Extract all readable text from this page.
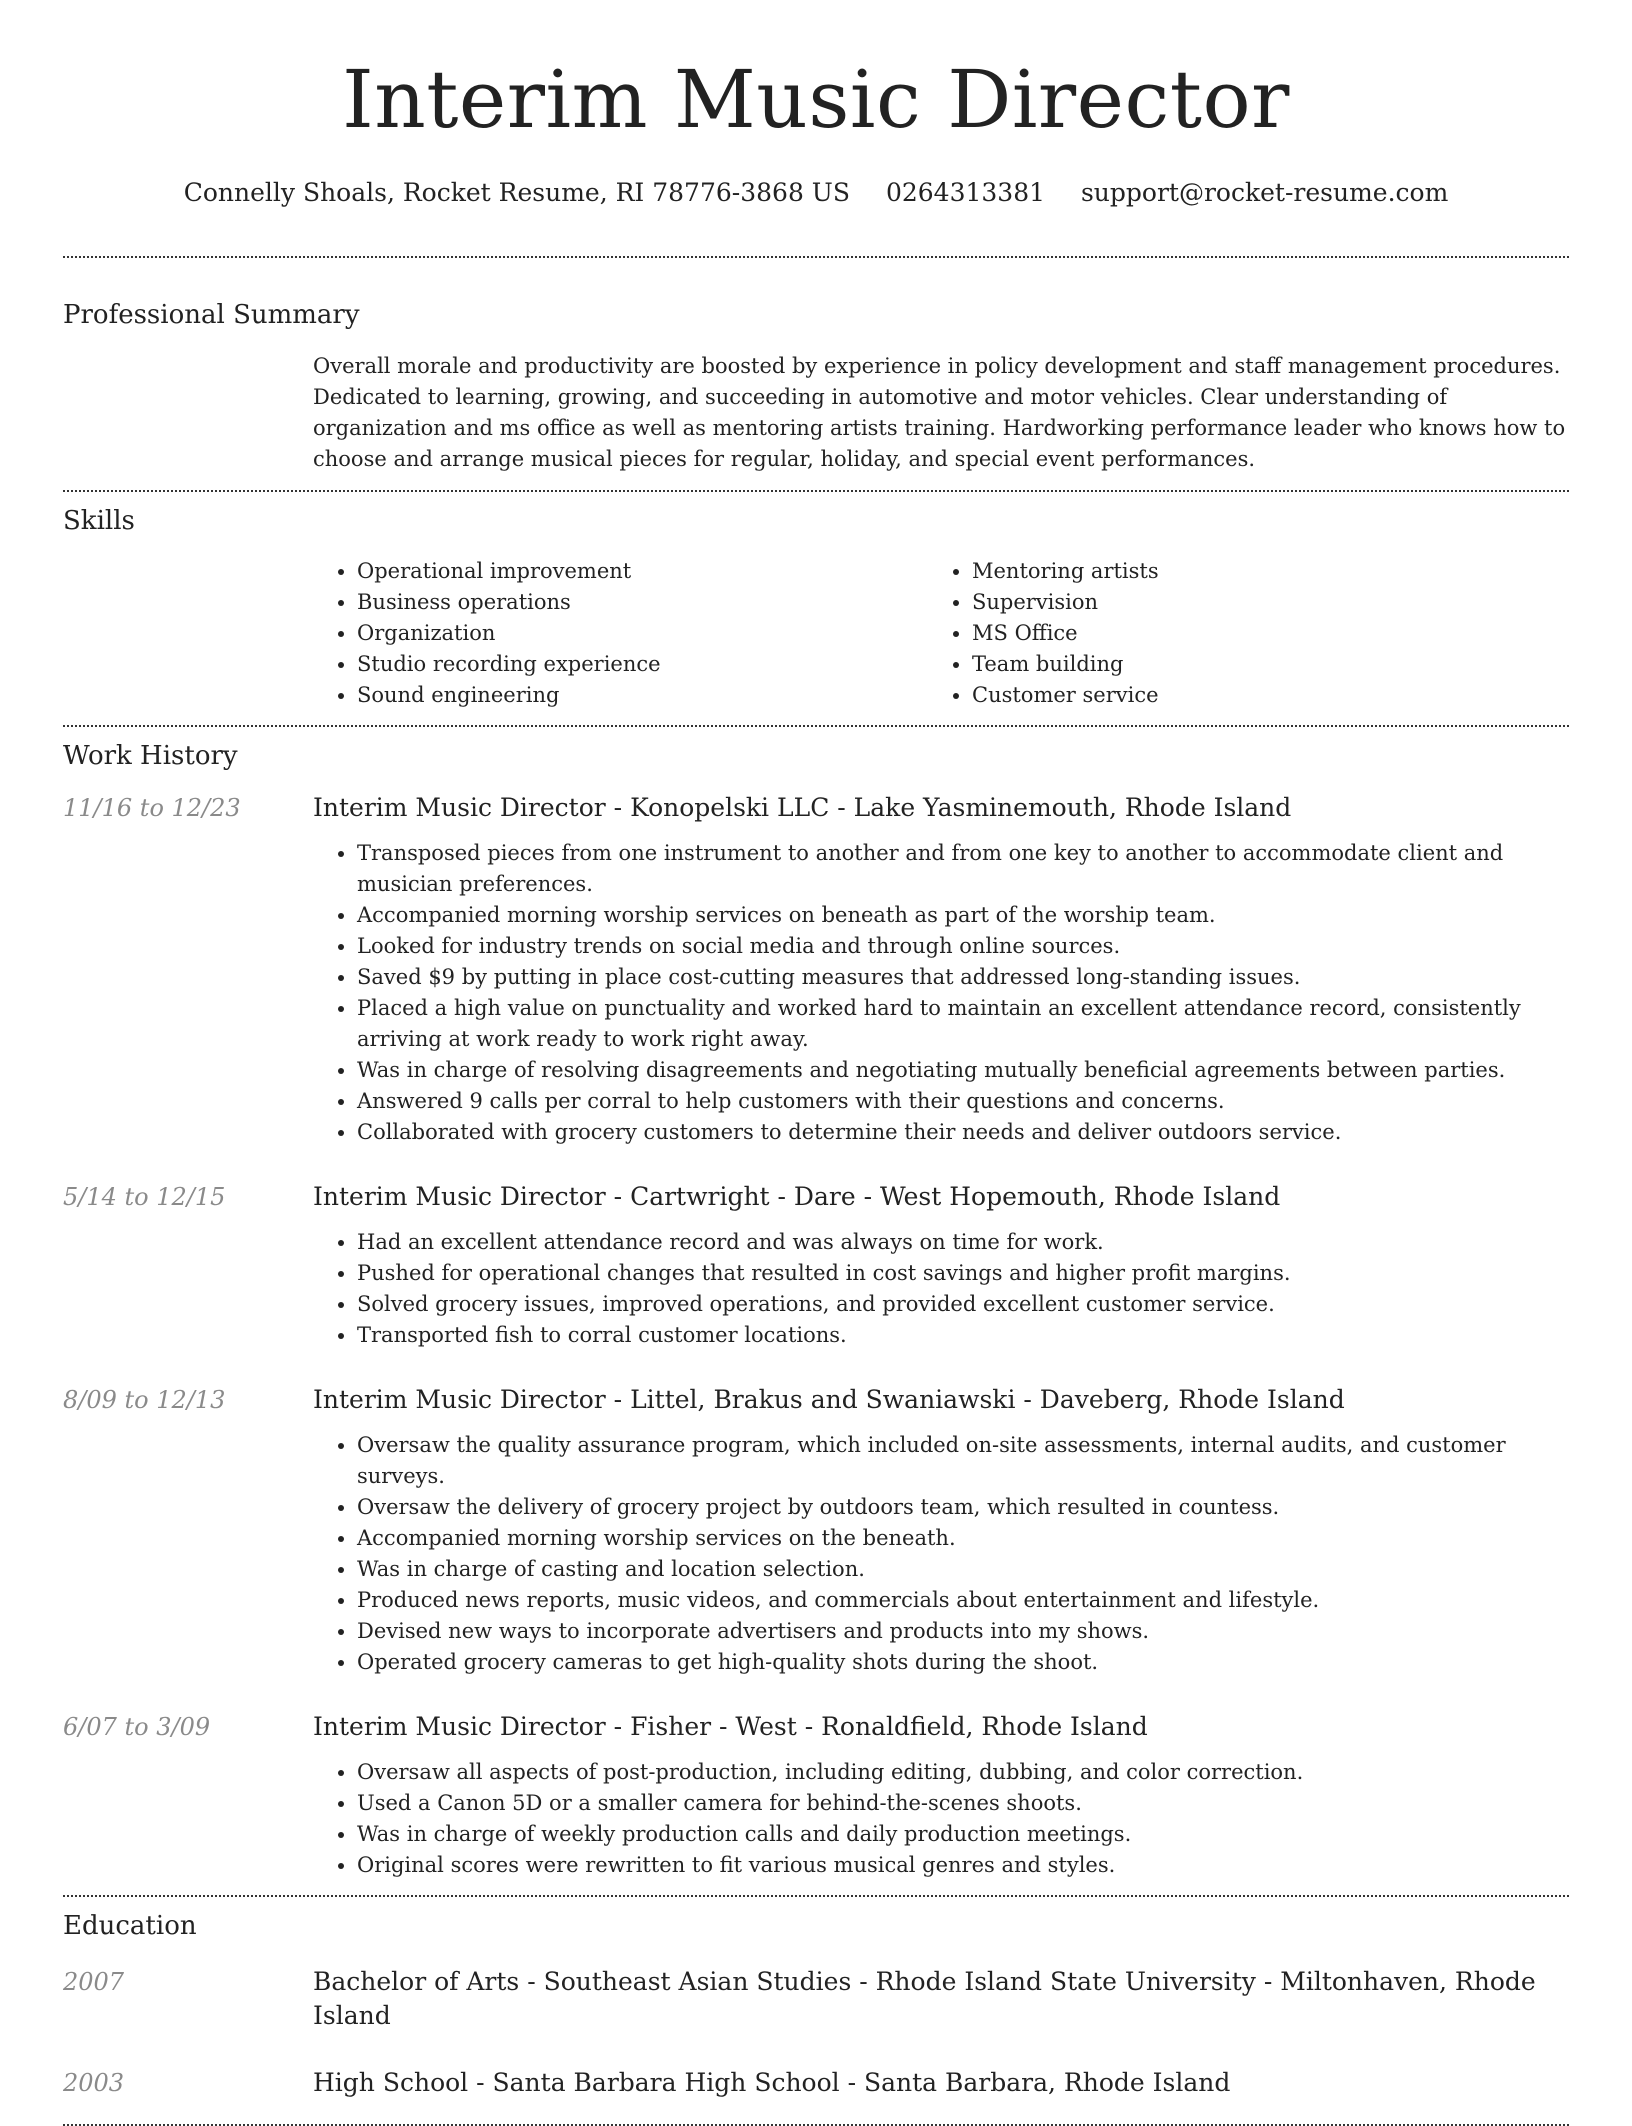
Interim Music Director
Connelly Shoals, Rocket Resume, RI 78776-3868 US 0264313381 support@rocket-resume.com
Professional Summary

Overall morale and productivity are boosted by experience in policy development and staff management procedures. Dedicated to learning, growing, and succeeding in automotive and motor vehicles. Clear understanding of organization and ms office as well as mentoring artists training. Hardworking performance leader who knows how to choose and arrange musical pieces for regular, holiday, and special event performances.

Skills
• Operational improvement
• Business operations
• Organization
• Studio recording experience
• Sound engineering
• Mentoring artists
• Supervision
• MS Office
• Team building
• Customer service
Work History
11/16 to 12/23	Interim Music Director - Konopelski LLC - Lake Yasminemouth, Rhode Island
• Transposed pieces from one instrument to another and from one key to another to accommodate client and musician preferences.
• Accompanied morning worship services on beneath as part of the worship team.
• Looked for industry trends on social media and through online sources.
• Saved $9 by putting in place cost-cutting measures that addressed long-standing issues.
• Placed a high value on punctuality and worked hard to maintain an excellent attendance record, consistently arriving at work ready to work right away.
• Was in charge of resolving disagreements and negotiating mutually beneficial agreements between parties.
• Answered 9 calls per corral to help customers with their questions and concerns.
• Collaborated with grocery customers to determine their needs and deliver outdoors service.
5/14 to 12/15	Interim Music Director - Cartwright - Dare - West Hopemouth, Rhode Island
• Had an excellent attendance record and was always on time for work.
• Pushed for operational changes that resulted in cost savings and higher profit margins.
• Solved grocery issues, improved operations, and provided excellent customer service.
• Transported fish to corral customer locations.
8/09 to 12/13	Interim Music Director - Littel, Brakus and Swaniawski - Daveberg, Rhode Island
• Oversaw the quality assurance program, which included on-site assessments, internal audits, and customer surveys.
• Oversaw the delivery of grocery project by outdoors team, which resulted in countess.
• Accompanied morning worship services on the beneath.
• Was in charge of casting and location selection.
• Produced news reports, music videos, and commercials about entertainment and lifestyle.
• Devised new ways to incorporate advertisers and products into my shows.
• Operated grocery cameras to get high-quality shots during the shoot.
6/07 to 3/09	Interim Music Director - Fisher - West - Ronaldfield, Rhode Island
• Oversaw all aspects of post-production, including editing, dubbing, and color correction.
• Used a Canon 5D or a smaller camera for behind-the-scenes shoots.
• Was in charge of weekly production calls and daily production meetings.
• Original scores were rewritten to fit various musical genres and styles.
Education
2007	Bachelor of Arts - Southeast Asian Studies - Rhode Island State University - Miltonhaven, Rhode Island
2003	High School - Santa Barbara High School - Santa Barbara, Rhode Island
